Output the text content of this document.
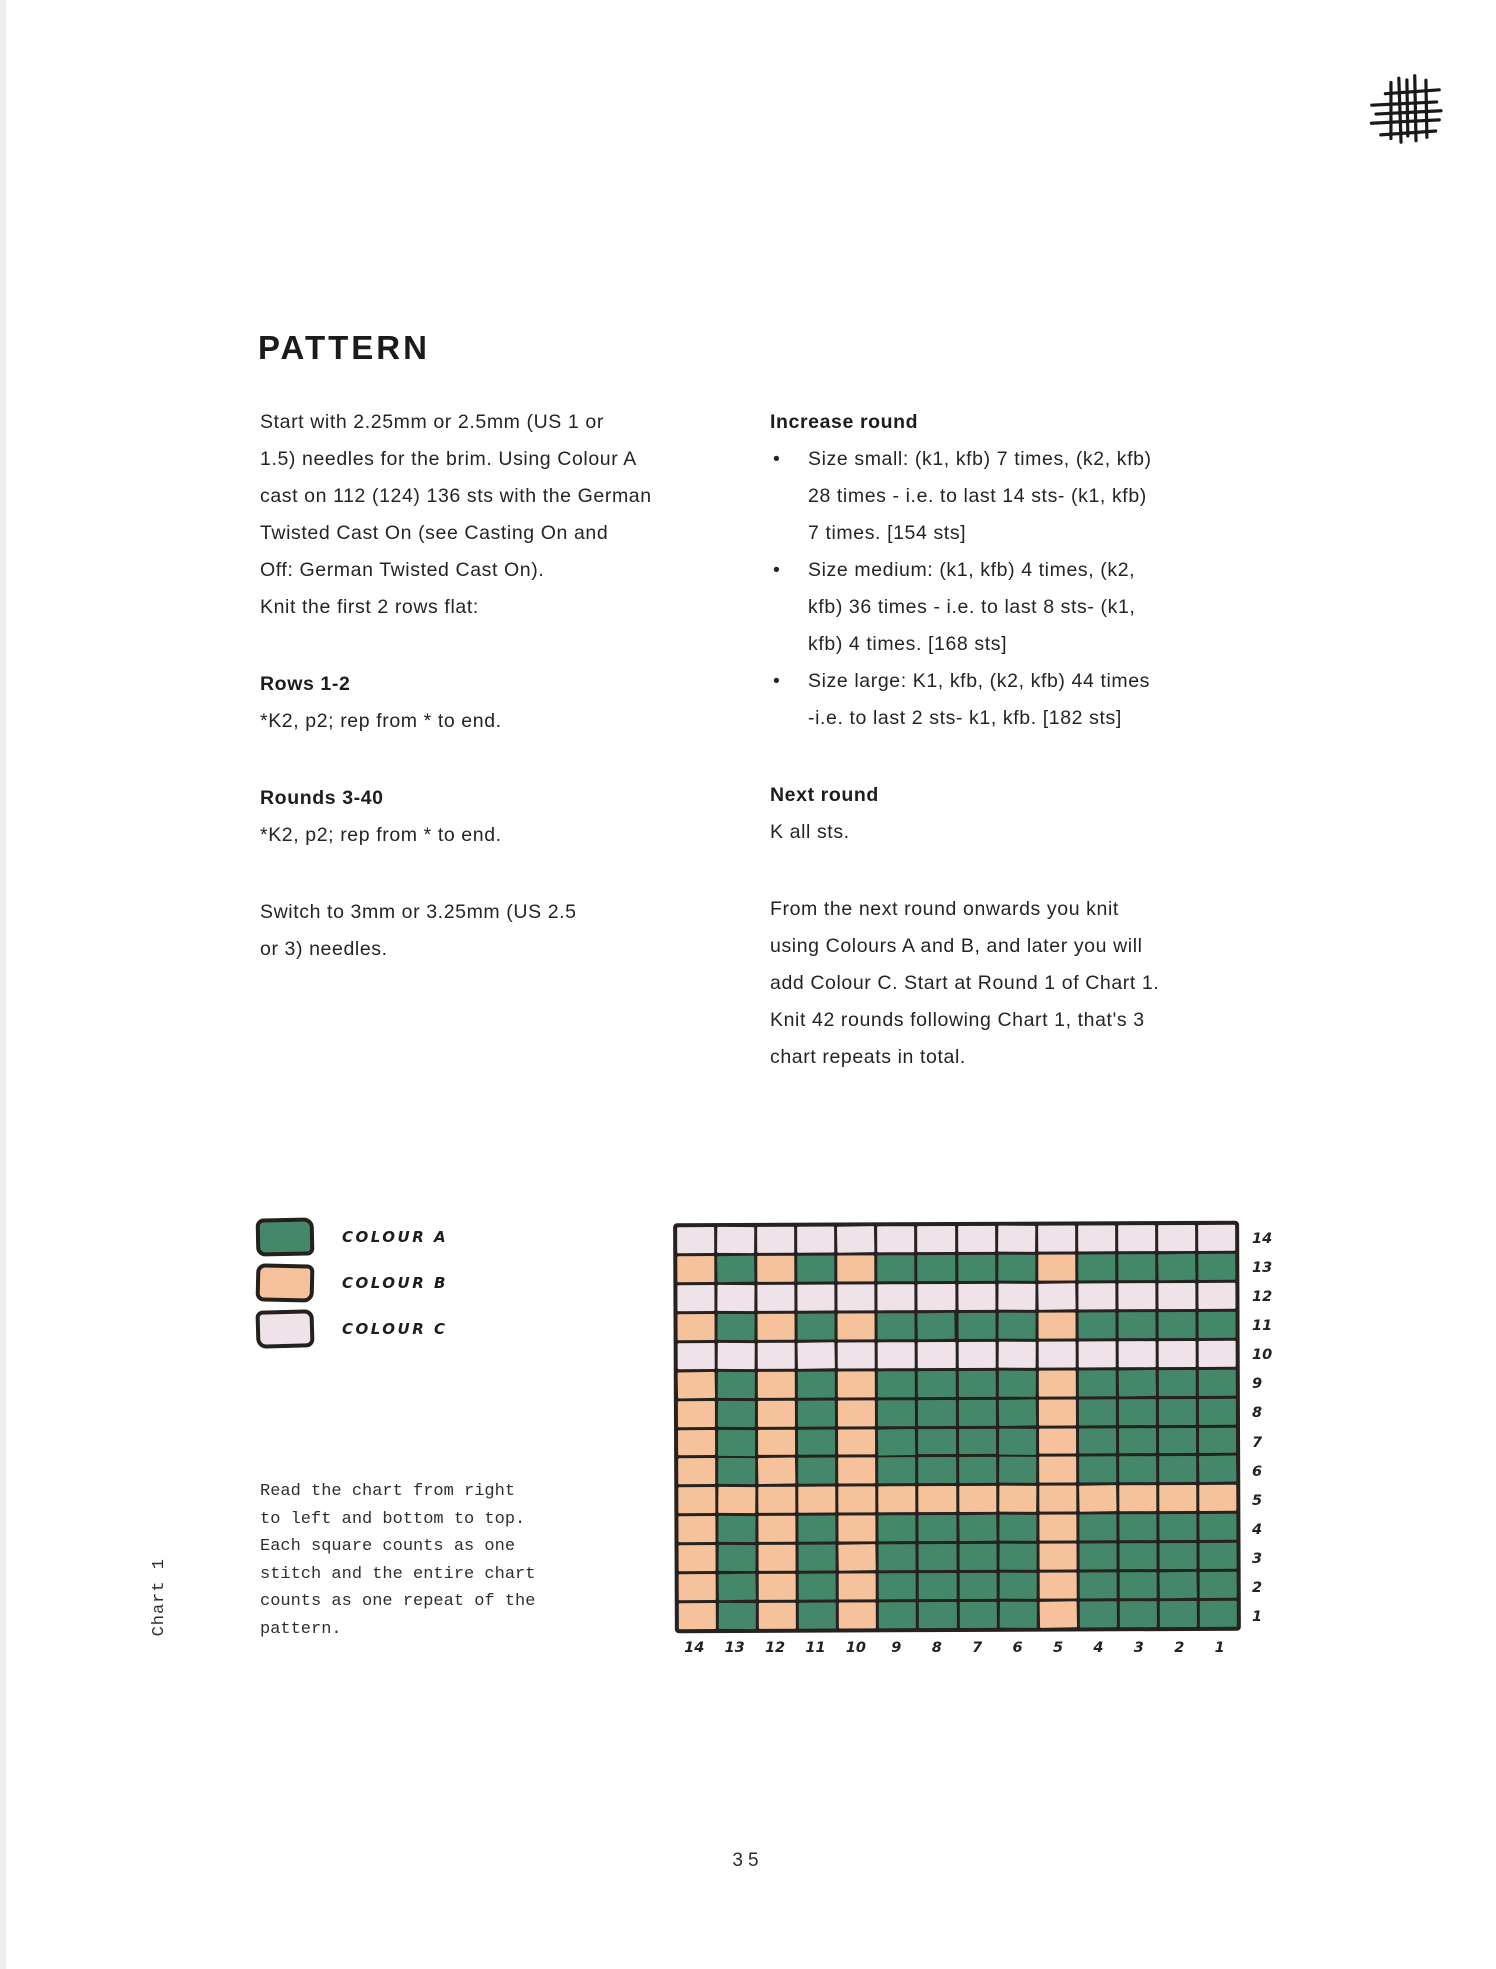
PATTERN
Start with 2.25mm or 2.5mm (US 1 or
1.5) needles for the brim. Using Colour A
cast on 112 (124) 136 sts with the German
Twisted Cast On (see Casting On and
Off: German Twisted Cast On).
Knit the first 2 rows flat:
Rows 1-2
*K2, p2; rep from * to end.
Rounds 3-40
*K2, p2; rep from * to end.
Switch to 3mm or 3.25mm (US 2.5
or 3) needles.
Increase round
•	Size small: (k1, kfb) 7 times, (k2, kfb)
28 times - i.e. to last 14 sts- (k1, kfb)
7 times. [154 sts]
•	Size medium: (k1, kfb) 4 times, (k2,
kfb) 36 times - i.e. to last 8 sts- (k1,
kfb) 4 times. [168 sts]
•	Size large: K1, kfb, (k2, kfb) 44 times
-i.e. to last 2 sts- k1, kfb. [182 sts]
Next round
K all sts.
From the next round onwards you knit
using Colours A and B, and later you will
add Colour C. Start at Round 1 of Chart 1.
Knit 42 rounds following Chart 1, that's 3
chart repeats in total.
COLOUR A
COLOUR B
COLOUR C
Read the chart from right
to left and bottom to top.
Each square counts as one
stitch and the entire chart
counts as one repeat of the
pattern.
Chart 1
14
13
12
11
10
9
8
7
6
5
4
3
2
1
14	13	12	11	10	9	8	7	6	5	4	3	2	1
35
